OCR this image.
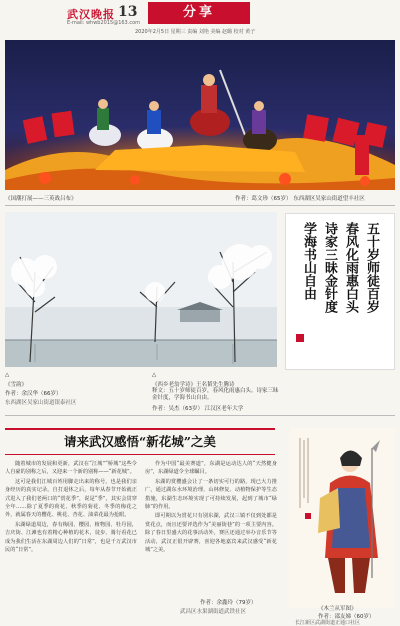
武汉晚报 13
E-mail: whwb2015@163.com
分享
2020年2月5日 星期三 责编 刘艳 美编 赵璐 校对 黄子
《国潮打展——三英战吕布》	作者：葛文珍（65岁） 东西湖区吴家山街道望丰社区
△
《雪韵》
作者：余汉华（66岁）
东西湖区吴家山街道银泰社区
△
《西乡老翁学诗》王名韬先生腾诗
释文：五十岁师徒百岁，春风化雨惠白头。诗家三昧金针度，学海书山自由。
作者：吴杰（63岁） 江汉区老年大学
五十岁师徒百岁
春风化雨惠白头
诗家三昧金针度
学海书山自由
请来武汉感悟“新花城”之美

随着城市的发展和更新，武汉在“江城”“桥城”这些令人自豪的别称之后，又迎来一个新的别称——“新花城”。

这可是我们江城百姓用脚走出来的称号，也是我们亲身经历的真实记录。自打退休之后，每年从春节开始就正式进入了我们老两口的“赏花季”，说是“季”，其实会贯穿全年……除了夏季的荷花、秋季的菊花、冬季的梅花之外，就属春天的樱花、桃花、杏花、油菜花最为抢眼。

东湖绿道周边，春有梅园、樱园、植物园、牡丹园，吉庆街、江滩也有着精心种植的花木，徒步、骑行看花已成为我们生活在东湖周边人们的“日常”，也是千万武汉市民的“日常”。

作为中国“最美赛道”，东湖是运动达人的“天然健身房”，东湖绿道令全球瞩目。

东湖的赏樱盛会让了一条切实可行的路，现已大力推广，通过湖东水环境治理、山林修复、动植物保护等生态措施，东湖生态环境实现了可持续发展，起到了城市“绿肺”的作用。

即可期以为赏花只有别东湖，武汉三镇不仅到处都是赏花点，而且还要评选作为“美丽街巷”的一项主要内容。除了春日里盛大的花事活动外，赛区还通过举办音乐节等活动，武汉正很开辟赛，喜迎各地嘉宾来武汉感受“新花城”之美。

作者：余鑫玲（79岁）
武昌区水果湖街道武铁社区	《木兰从军图》
作者：邵友娣（60岁）
长江新区武湖街道正通口社区
